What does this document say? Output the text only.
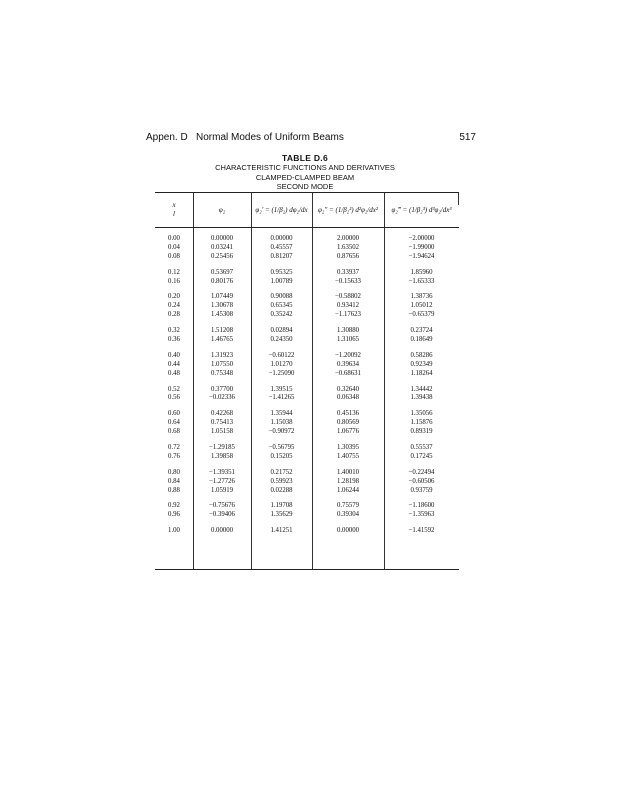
Appen. D Normal Modes of Uniform Beams	517
TABLE D.6
CHARACTERISTIC FUNCTIONS AND DERIVATIVES
CLAMPED-CLAMPED BEAM
SECOND MODE
x
l	φ₂	φ₂′ = (1/β₂) dφ₂/dx	φ₂″ = (1/β₂²) d²φ₂/dx²	φ₂‴ = (1/β₂³) d³φ₂/dx³
0.00	0.00000	0.00000	2.00000	−2.00000
0.04	0.03241	0.45557	1.63502	−1.99000
0.08	0.25456	0.81207	0.87656	−1.94624
0.12	0.53697	0.95325	0.33937	1.85960
0.16	0.80176	1.00789	−0.15633	−1.65333
0.20	1.07449	0.90088	−0.58802	1.38736
0.24	1.30678	0.65345	0.93412	1.05012
0.28	1.45308	0.35242	−1.17623	−0.65379
0.32	1.51208	0.02894	1.30880	0.23724
0.36	1.46765	0.24350	1.31065	0.18649
0.40	1.31923	−0.60122	−1.20092	0.58286
0.44	1.07550	1.01270	0.39634	0.92349
0.48	0.75348	−1.25090	−0.68631	1.18264
0.52	0.37700	1.39515	0.32640	1.34442
0.56	−0.02336	−1.41265	0.06348	1.39438
0.60	0.42268	1.35944	0.45136	1.35056
0.64	0.75413	1.15038	0.80569	1.15876
0.68	1.05158	−0.90972	1.06776	0.89319
0.72	−1.29185	−0.56795	1.30395	0.55537
0.76	1.39858	0.15205	1.40755	0.17245
0.80	−1.39351	0.21752	1.40010	−0.22494
0.84	−1.27726	0.59923	1.28198	−0.60506
0.88	1.05919	0.02288	1.06244	0.93759
0.92	−0.75676	1.19708	0.75579	−1.18600
0.96	−0.39406	1.35629	0.39304	−1.35963
1.00	0.00000	1.41251	0.00000	−1.41592
